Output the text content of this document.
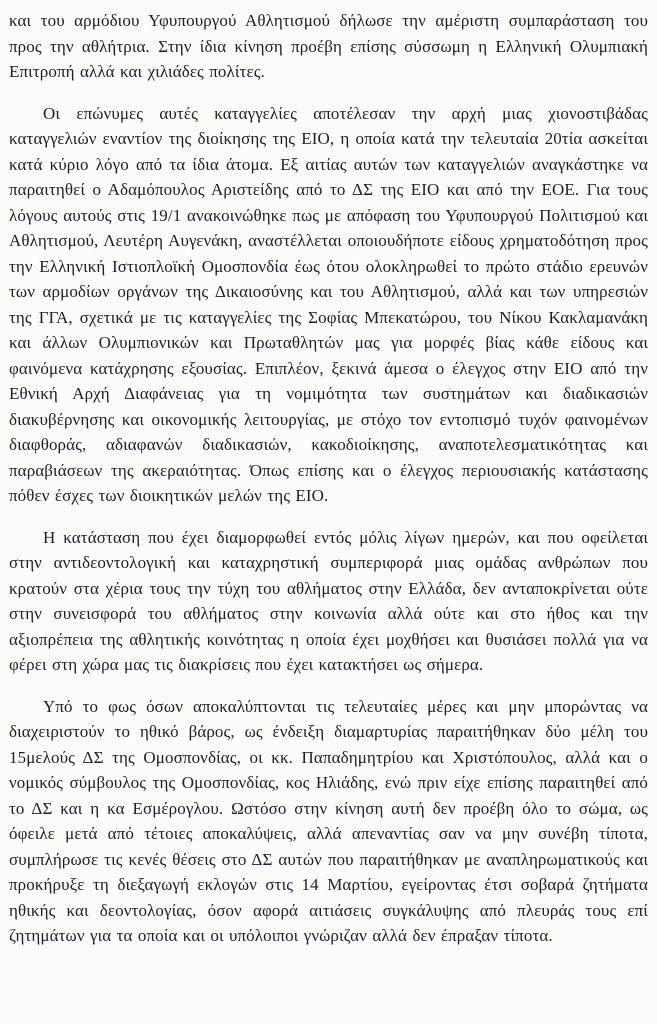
και του αρμόδιου Υφυπουργού Αθλητισμού δήλωσε την αμέριστη συμπαράσταση του προς την αθλήτρια. Στην ίδια κίνηση προέβη επίσης σύσσωμη η Ελληνική Ολυμπιακή Επιτροπή αλλά και χιλιάδες πολίτες.

Οι επώνυμες αυτές καταγγελίες αποτέλεσαν την αρχή μιας χιονοστιβάδας καταγγελιών εναντίον της διοίκησης της ΕΙΟ, η οποία κατά την τελευταία 20τία ασκείται κατά κύριο λόγο από τα ίδια άτομα. Εξ αιτίας αυτών των καταγγελιών αναγκάστηκε να παραιτηθεί ο Αδαμόπουλος Αριστείδης από το ΔΣ της ΕΙΟ και από την ΕΟΕ. Για τους λόγους αυτούς στις 19/1 ανακοινώθηκε πως με απόφαση του Υφυπουργού Πολιτισμού και Αθλητισμού, Λευτέρη Αυγενάκη, αναστέλλεται οποιουδήποτε είδους χρηματοδότηση προς την Ελληνική Ιστιοπλοϊκή Ομοσπονδία έως ότου ολοκληρωθεί το πρώτο στάδιο ερευνών των αρμοδίων οργάνων της Δικαιοσύνης και του Αθλητισμού, αλλά και των υπηρεσιών της ΓΓΑ, σχετικά με τις καταγγελίες της Σοφίας Μπεκατώρου, του Νίκου Κακλαμανάκη και άλλων Ολυμπιονικών και Πρωταθλητών μας για μορφές βίας κάθε είδους και φαινόμενα κατάχρησης εξουσίας. Επιπλέον, ξεκινά άμεσα ο έλεγχος στην ΕΙΟ από την Εθνική Αρχή Διαφάνειας για τη νομιμότητα των συστημάτων και διαδικασιών διακυβέρνησης και οικονομικής λειτουργίας, με στόχο τον εντοπισμό τυχόν φαινομένων διαφθοράς, αδιαφανών διαδικασιών, κακοδιοίκησης, αναποτελεσματικότητας και παραβιάσεων της ακεραιότητας. Όπως επίσης και ο έλεγχος περιουσιακής κατάστασης πόθεν έσχες των διοικητικών μελών της ΕΙΟ.

Η κατάσταση που έχει διαμορφωθεί εντός μόλις λίγων ημερών, και που οφείλεται στην αντιδεοντολογική και καταχρηστική συμπεριφορά μιας ομάδας ανθρώπων που κρατούν στα χέρια τους την τύχη του αθλήματος στην Ελλάδα, δεν ανταποκρίνεται ούτε στην συνεισφορά του αθλήματος στην κοινωνία αλλά ούτε και στο ήθος και την αξιοπρέπεια της αθλητικής κοινότητας η οποία έχει μοχθήσει και θυσιάσει πολλά για να φέρει στη χώρα μας τις διακρίσεις που έχει κατακτήσει ως σήμερα.

Υπό το φως όσων αποκαλύπτονται τις τελευταίες μέρες και μην μπορώντας να διαχειριστούν το ηθικό βάρος, ως ένδειξη διαμαρτυρίας παραιτήθηκαν δύο μέλη του 15μελούς ΔΣ της Ομοσπονδίας, οι κκ. Παπαδημητρίου και Χριστόπουλος, αλλά και ο νομικός σύμβουλος της Ομοσπονδίας, κος Ηλιάδης, ενώ πριν είχε επίσης παραιτηθεί από το ΔΣ και η κα Εσμέρογλου. Ωστόσο στην κίνηση αυτή δεν προέβη όλο το σώμα, ως όφειλε μετά από τέτοιες αποκαλύψεις, αλλά απεναντίας σαν να μην συνέβη τίποτα, συμπλήρωσε τις κενές θέσεις στο ΔΣ αυτών που παραιτήθηκαν με αναπληρωματικούς και προκήρυξε τη διεξαγωγή εκλογών στις 14 Μαρτίου, εγείροντας έτσι σοβαρά ζητήματα ηθικής και δεοντολογίας, όσον αφορά αιτιάσεις συγκάλυψης από πλευράς τους επί ζητημάτων για τα οποία και οι υπόλοιποι γνώριζαν αλλά δεν έπραξαν τίποτα.
